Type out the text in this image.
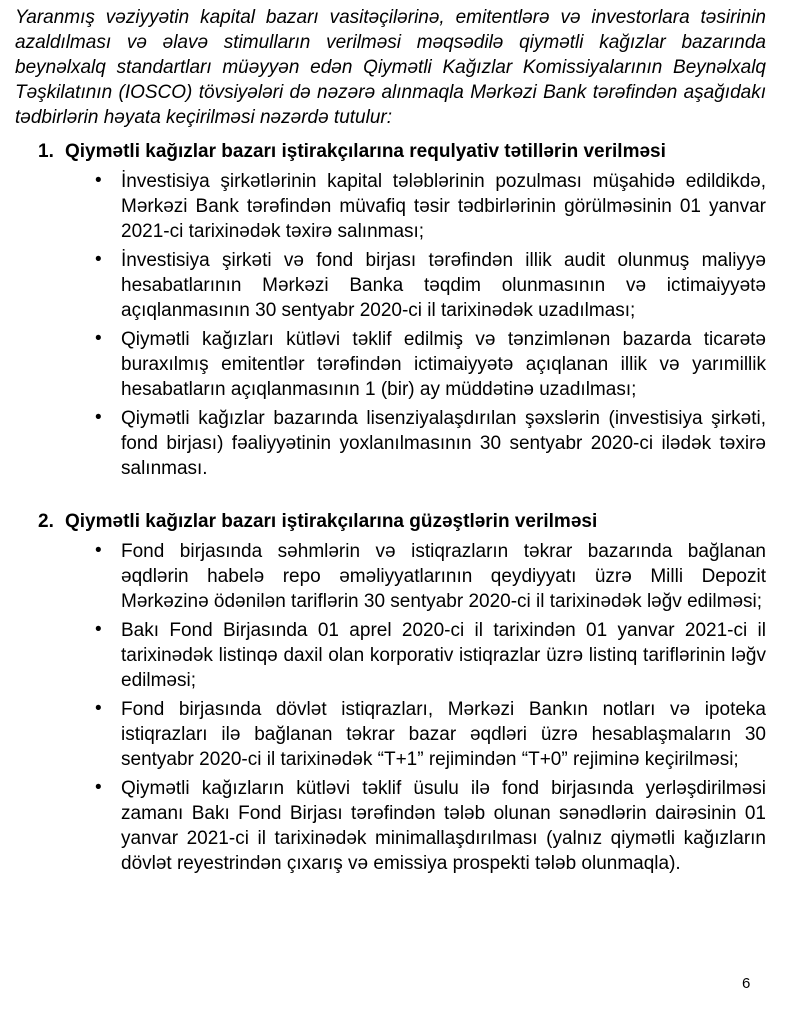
Yaranmış vəziyyətin kapital bazarı vasitəçilərinə, emitentlərə və investorlara təsirinin azaldılması və əlavə stimulların verilməsi məqsədilə qiymətli kağızlar bazarında beynəlxalq standartları müəyyən edən Qiymətli Kağızlar Komissiyalarının Beynəlxalq Təşkilatının (IOSCO) tövsiyələri də nəzərə alınmaqla Mərkəzi Bank tərəfindən aşağıdakı tədbirlərin həyata keçirilməsi nəzərdə tutulur:

1. Qiymətli kağızlar bazarı iştirakçılarına requlyativ tətillərin verilməsi
• İnvestisiya şirkətlərinin kapital tələblərinin pozulması müşahidə edildikdə, Mərkəzi Bank tərəfindən müvafiq təsir tədbirlərinin görülməsinin 01 yanvar 2021-ci tarixinədək təxirə salınması;
• İnvestisiya şirkəti və fond birjası tərəfindən illik audit olunmuş maliyyə hesabatlarının Mərkəzi Banka təqdim olunmasının və ictimaiyyətə açıqlanmasının 30 sentyabr 2020-ci il tarixinədək uzadılması;
• Qiymətli kağızları kütləvi təklif edilmiş və tənzimlənən bazarda ticarətə buraxılmış emitentlər tərəfindən ictimaiyyətə açıqlanan illik və yarımillik hesabatların açıqlanmasının 1 (bir) ay müddətinə uzadılması;
• Qiymətli kağızlar bazarında lisenziyalaşdırılan şəxslərin (investisiya şirkəti, fond birjası) fəaliyyətinin yoxlanılmasının 30 sentyabr 2020-ci ilədək təxirə salınması.
2. Qiymətli kağızlar bazarı iştirakçılarına güzəştlərin verilməsi
• Fond birjasında səhmlərin və istiqrazların təkrar bazarında bağlanan əqdlərin habelə repo əməliyyatlarının qeydiyyatı üzrə Milli Depozit Mərkəzinə ödənilən tariflərin 30 sentyabr 2020-ci il tarixinədək ləğv edilməsi;
• Bakı Fond Birjasında 01 aprel 2020-ci il tarixindən 01 yanvar 2021-ci il tarixinədək listinqə daxil olan korporativ istiqrazlar üzrə listinq tariflərinin ləğv edilməsi;
• Fond birjasında dövlət istiqrazları, Mərkəzi Bankın notları və ipoteka istiqrazları ilə bağlanan təkrar bazar əqdləri üzrə hesablaşmaların 30 sentyabr 2020-ci il tarixinədək “T+1” rejimindən “T+0” rejiminə keçirilməsi;
• Qiymətli kağızların kütləvi təklif üsulu ilə fond birjasında yerləşdirilməsi zamanı Bakı Fond Birjası tərəfindən tələb olunan sənədlərin dairəsinin 01 yanvar 2021-ci il tarixinədək minimallaşdırılması (yalnız qiymətli kağızların dövlət reyestrindən çıxarış və emissiya prospekti tələb olunmaqla).
6
